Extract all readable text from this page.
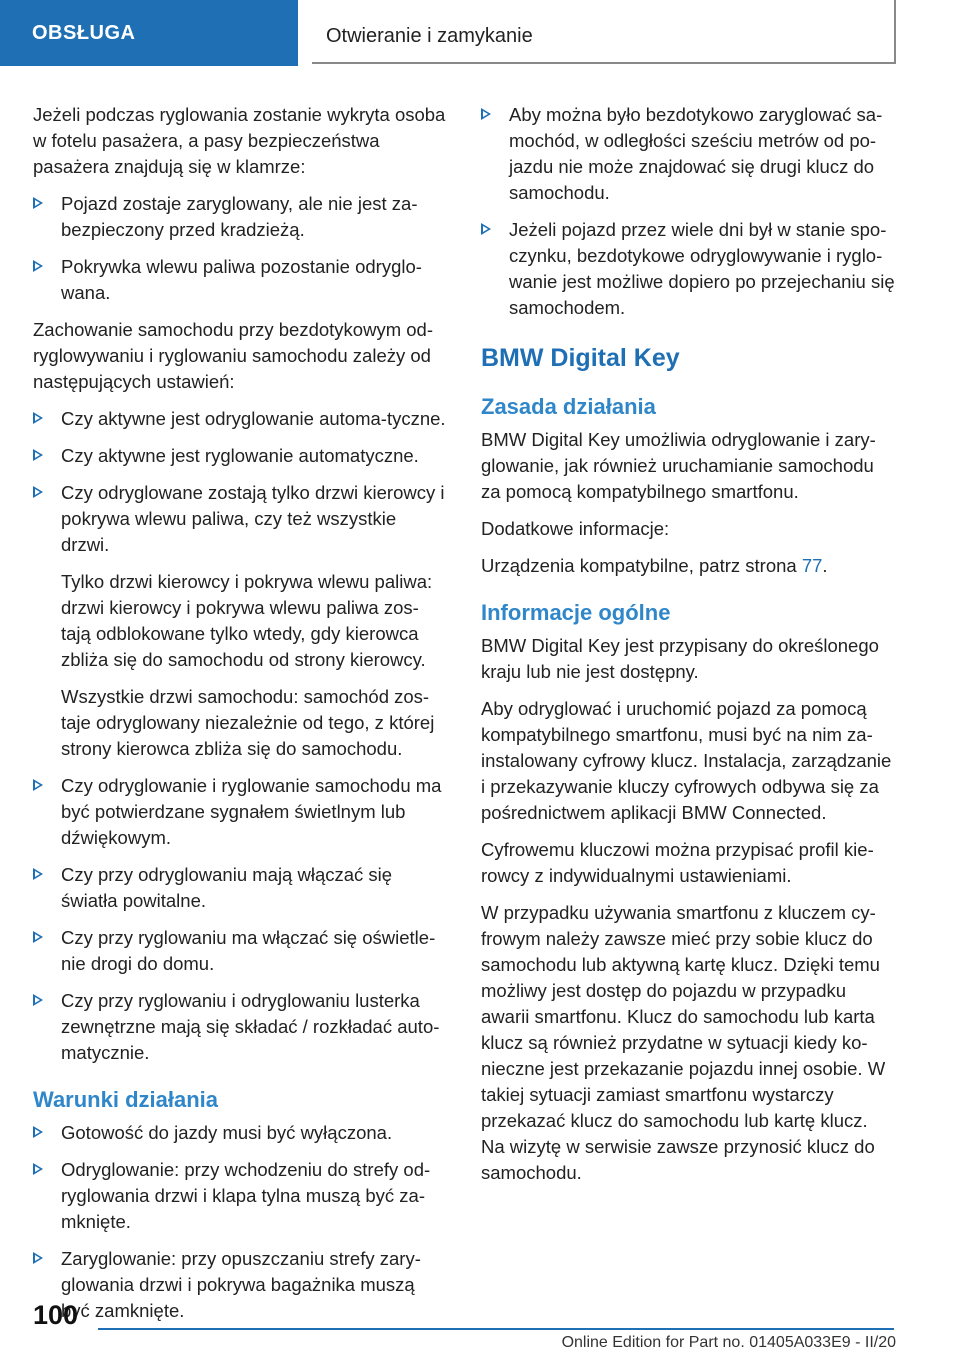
OBSŁUGA	Otwieranie i zamykanie

Jeżeli podczas ryglowania zostanie wykryta osoba w fotelu pasażera, a pasy bezpieczeństwa pasażera znajdują się w klamrze:

Pojazd zostaje zaryglowany, ale nie jest za-bezpieczony przed kradzieżą.
Pokrywka wlewu paliwa pozostanie odryglo-wana.

Zachowanie samochodu przy bezdotykowym od-ryglowywaniu i ryglowaniu samochodu zależy od następujących ustawień:

Czy aktywne jest odryglowanie automa-tyczne.
Czy aktywne jest ryglowanie automatyczne.

Czy odryglowane zostają tylko drzwi kierowcy i pokrywa wlewu paliwa, czy też wszystkie drzwi.

Tylko drzwi kierowcy i pokrywa wlewu paliwa: drzwi kierowcy i pokrywa wlewu paliwa zos-tają odblokowane tylko wtedy, gdy kierowca zbliża się do samochodu od strony kierowcy.

Wszystkie drzwi samochodu: samochód zos-taje odryglowany niezależnie od tego, z której strony kierowca zbliża się do samochodu.

Czy odryglowanie i ryglowanie samochodu ma być potwierdzane sygnałem świetlnym lub dźwiękowym.
Czy przy odryglowaniu mają włączać się światła powitalne.
Czy przy ryglowaniu ma włączać się oświetle-nie drogi do domu.
Czy przy ryglowaniu i odryglowaniu lusterka zewnętrzne mają się składać / rozkładać auto-matycznie.
Warunki działania
Gotowość do jazdy musi być wyłączona.
Odryglowanie: przy wchodzeniu do strefy od-ryglowania drzwi i klapa tylna muszą być za-mknięte.
Zaryglowanie: przy opuszczaniu strefy zary-glowania drzwi i pokrywa bagażnika muszą być zamknięte.
Aby można było bezdotykowo zaryglować sa-mochód, w odległości sześciu metrów od po-jazdu nie może znajdować się drugi klucz do samochodu.
Jeżeli pojazd przez wiele dni był w stanie spo-czynku, bezdotykowe odryglowywanie i ryglo-wanie jest możliwe dopiero po przejechaniu się samochodem.
BMW Digital Key
Zasada działania

BMW Digital Key umożliwia odryglowanie i zary-glowanie, jak również uruchamianie samochodu za pomocą kompatybilnego smartfonu.

Dodatkowe informacje:

Urządzenia kompatybilne, patrz strona 77.

Informacje ogólne

BMW Digital Key jest przypisany do określonego kraju lub nie jest dostępny.

Aby odryglować i uruchomić pojazd za pomocą kompatybilnego smartfonu, musi być na nim za-instalowany cyfrowy klucz. Instalacja, zarządzanie i przekazywanie kluczy cyfrowych odbywa się za pośrednictwem aplikacji BMW Connected.

Cyfrowemu kluczowi można przypisać profil kie-rowcy z indywidualnymi ustawieniami.

W przypadku używania smartfonu z kluczem cy-frowym należy zawsze mieć przy sobie klucz do samochodu lub aktywną kartę klucz. Dzięki temu możliwy jest dostęp do pojazdu w przypadku awarii smartfonu. Klucz do samochodu lub karta klucz są również przydatne w sytuacji kiedy ko-nieczne jest przekazanie pojazdu innej osobie. W takiej sytuacji zamiast smartfonu wystarczy przekazać klucz do samochodu lub kartę klucz. Na wizytę w serwisie zawsze przynosić klucz do samochodu.

100
Online Edition for Part no. 01405A033E9 - II/20
